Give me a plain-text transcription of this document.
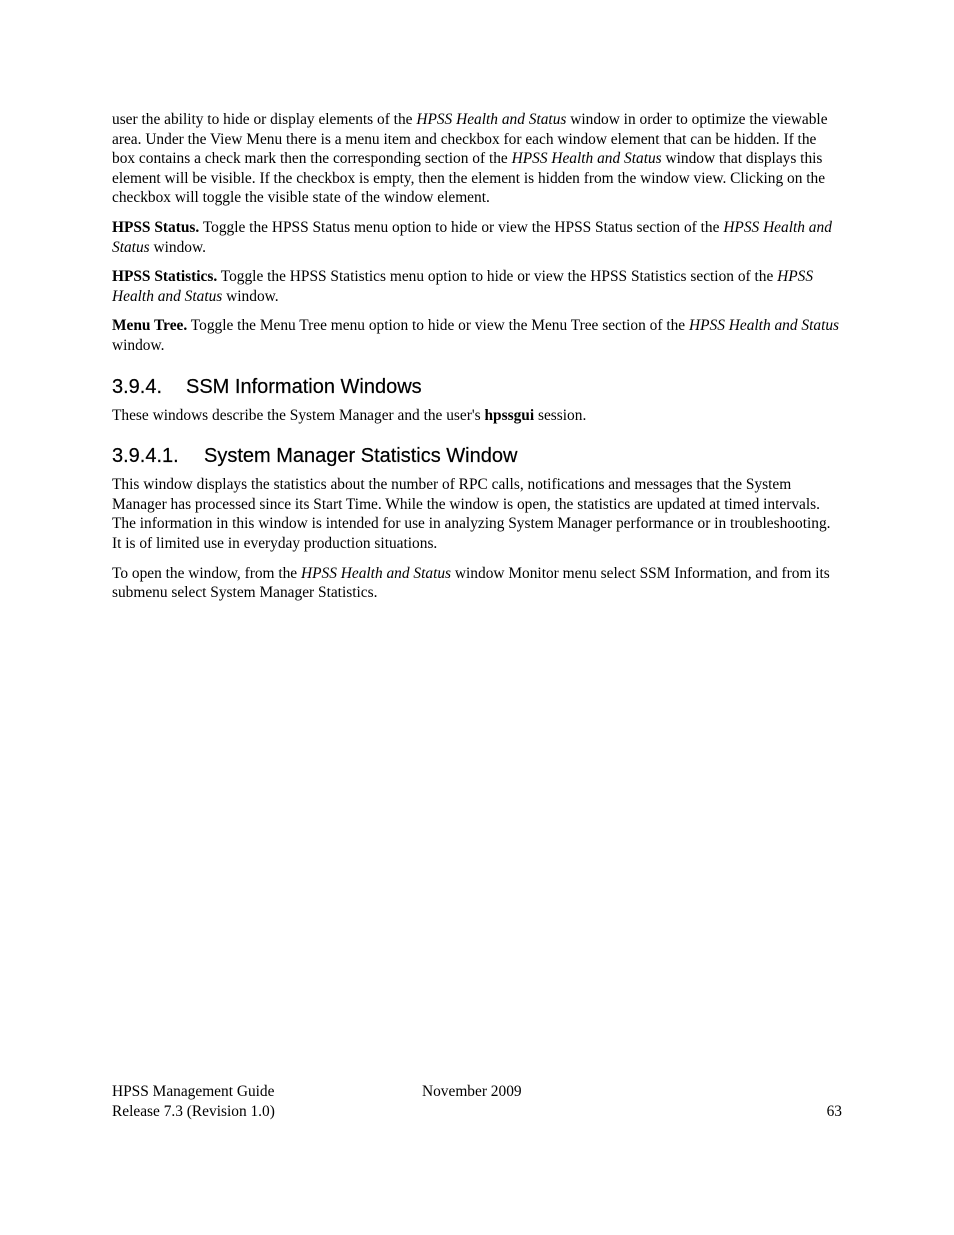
user the ability to hide or display elements of the HPSS Health and Status window in order to optimize the viewable area. Under the View Menu there is a menu item and checkbox for each window element that can be hidden. If the box contains a check mark then the corresponding section of the HPSS Health and Status window that displays this element will be visible. If the checkbox is empty, then the element is hidden from the window view. Clicking on the checkbox will toggle the visible state of the window element.

HPSS Status. Toggle the HPSS Status menu option to hide or view the HPSS Status section of the HPSS Health and Status window.

HPSS Statistics. Toggle the HPSS Statistics menu option to hide or view the HPSS Statistics section of the HPSS Health and Status window.

Menu Tree. Toggle the Menu Tree menu option to hide or view the Menu Tree section of the HPSS Health and Status window.

3.9.4. SSM Information Windows

These windows describe the System Manager and the user's hpssgui session.

3.9.4.1. System Manager Statistics Window

This window displays the statistics about the number of RPC calls, notifications and messages that the System Manager has processed since its Start Time. While the window is open, the statistics are updated at timed intervals. The information in this window is intended for use in analyzing System Manager performance or in troubleshooting. It is of limited use in everyday production situations.

To open the window, from the HPSS Health and Status window Monitor menu select SSM Information, and from its submenu select System Manager Statistics.

HPSS Management Guide	November 2009
Release 7.3 (Revision 1.0)	63
